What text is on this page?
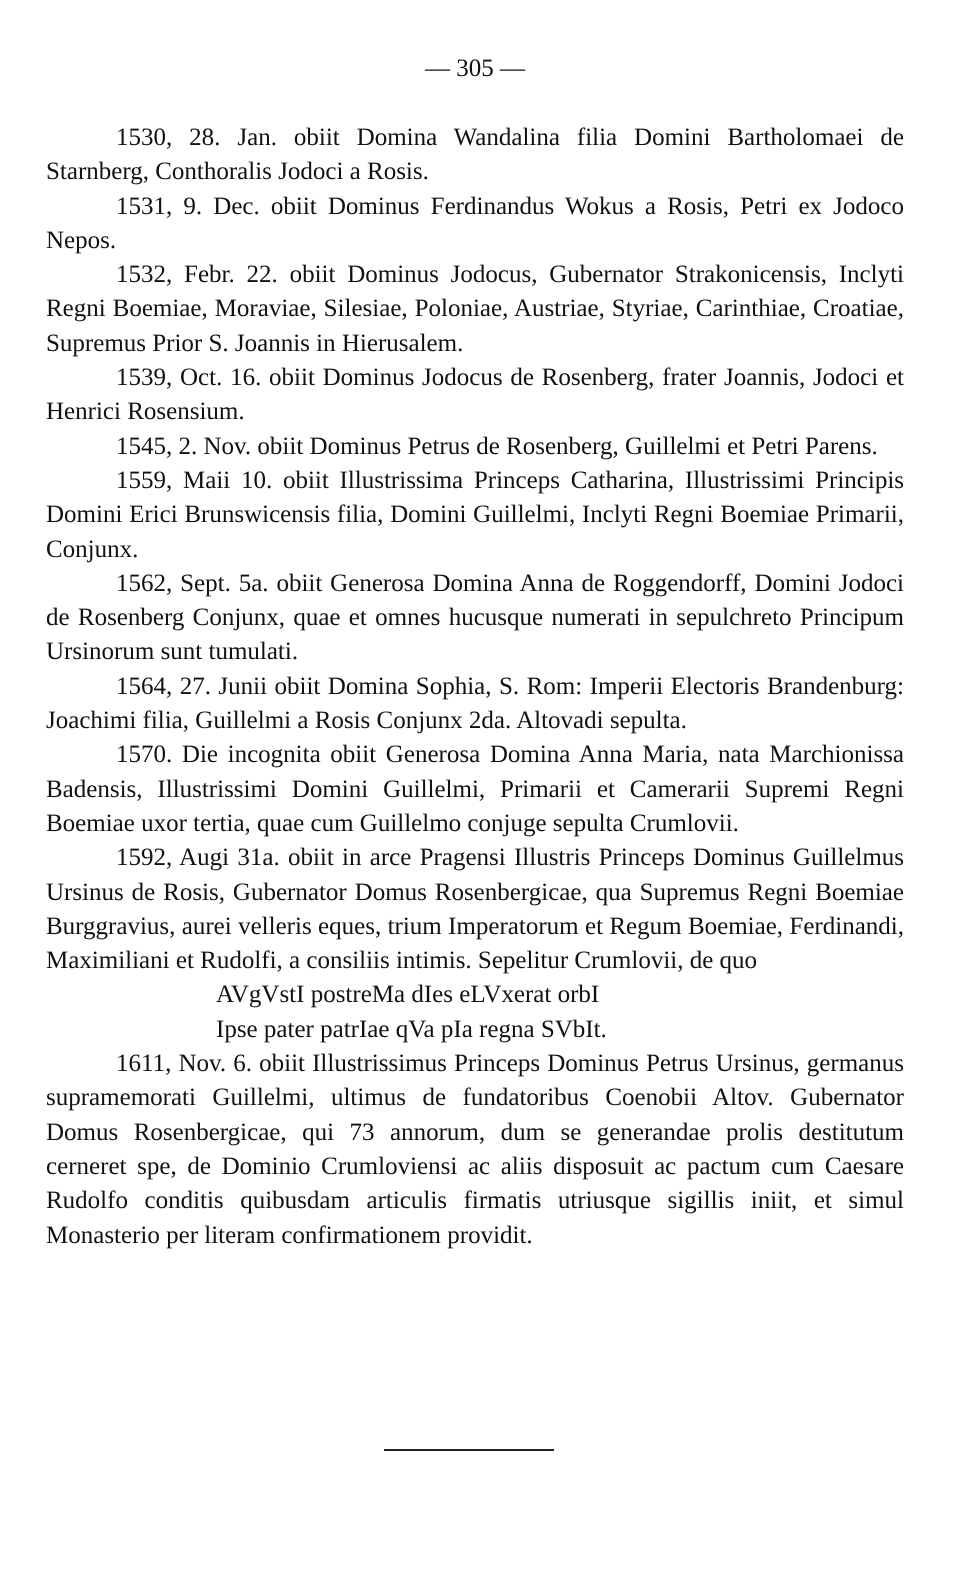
— 305 —

1530, 28. Jan. obiit Domina Wandalina filia Domini Bartholomaei de Starnberg, Conthoralis Jodoci a Rosis.

1531, 9. Dec. obiit Dominus Ferdinandus Wokus a Rosis, Petri ex Jodoco Nepos.

1532, Febr. 22. obiit Dominus Jodocus, Gubernator Strakonicensis, Inclyti Regni Boemiae, Moraviae, Silesiae, Poloniae, Austriae, Styriae, Carinthiae, Croatiae, Supremus Prior S. Joannis in Hierusalem.

1539, Oct. 16. obiit Dominus Jodocus de Rosenberg, frater Joannis, Jodoci et Henrici Rosensium.

1545, 2. Nov. obiit Dominus Petrus de Rosenberg, Guillelmi et Petri Parens.

1559, Maii 10. obiit Illustrissima Princeps Catharina, Illustrissimi Principis Domini Erici Brunswicensis filia, Domini Guillelmi, Inclyti Regni Boemiae Primarii, Conjunx.

1562, Sept. 5a. obiit Generosa Domina Anna de Roggendorff, Domini Jodoci de Rosenberg Conjunx, quae et omnes hucusque numerati in sepulchreto Principum Ursinorum sunt tumulati.

1564, 27. Junii obiit Domina Sophia, S. Rom: Imperii Electoris Brandenburg: Joachimi filia, Guillelmi a Rosis Conjunx 2da. Altovadi sepulta.

1570. Die incognita obiit Generosa Domina Anna Maria, nata Marchionissa Badensis, Illustrissimi Domini Guillelmi, Primarii et Camerarii Supremi Regni Boemiae uxor tertia, quae cum Guillelmo conjuge sepulta Crumlovii.

1592, Augi 31a. obiit in arce Pragensi Illustris Princeps Dominus Guillelmus Ursinus de Rosis, Gubernator Domus Rosenbergicae, qua Supremus Regni Boemiae Burggravius, aurei velleris eques, trium Imperatorum et Regum Boemiae, Ferdinandi, Maximiliani et Rudolfi, a consiliis intimis. Sepelitur Crumlovii, de quo

AVgVstI postreMa dIes eLVxerat orbI

Ipse pater patrIae qVa pIa regna SVbIt.

1611, Nov. 6. obiit Illustrissimus Princeps Dominus Petrus Ursinus, germanus supramemorati Guillelmi, ultimus de fundatoribus Coenobii Altov. Gubernator Domus Rosenbergicae, qui 73 annorum, dum se generandae prolis destitutum cerneret spe, de Dominio Crumloviensi ac aliis disposuit ac pactum cum Caesare Rudolfo conditis quibusdam articulis firmatis utriusque sigillis iniit, et simul Monasterio per literam confirmationem providit.
